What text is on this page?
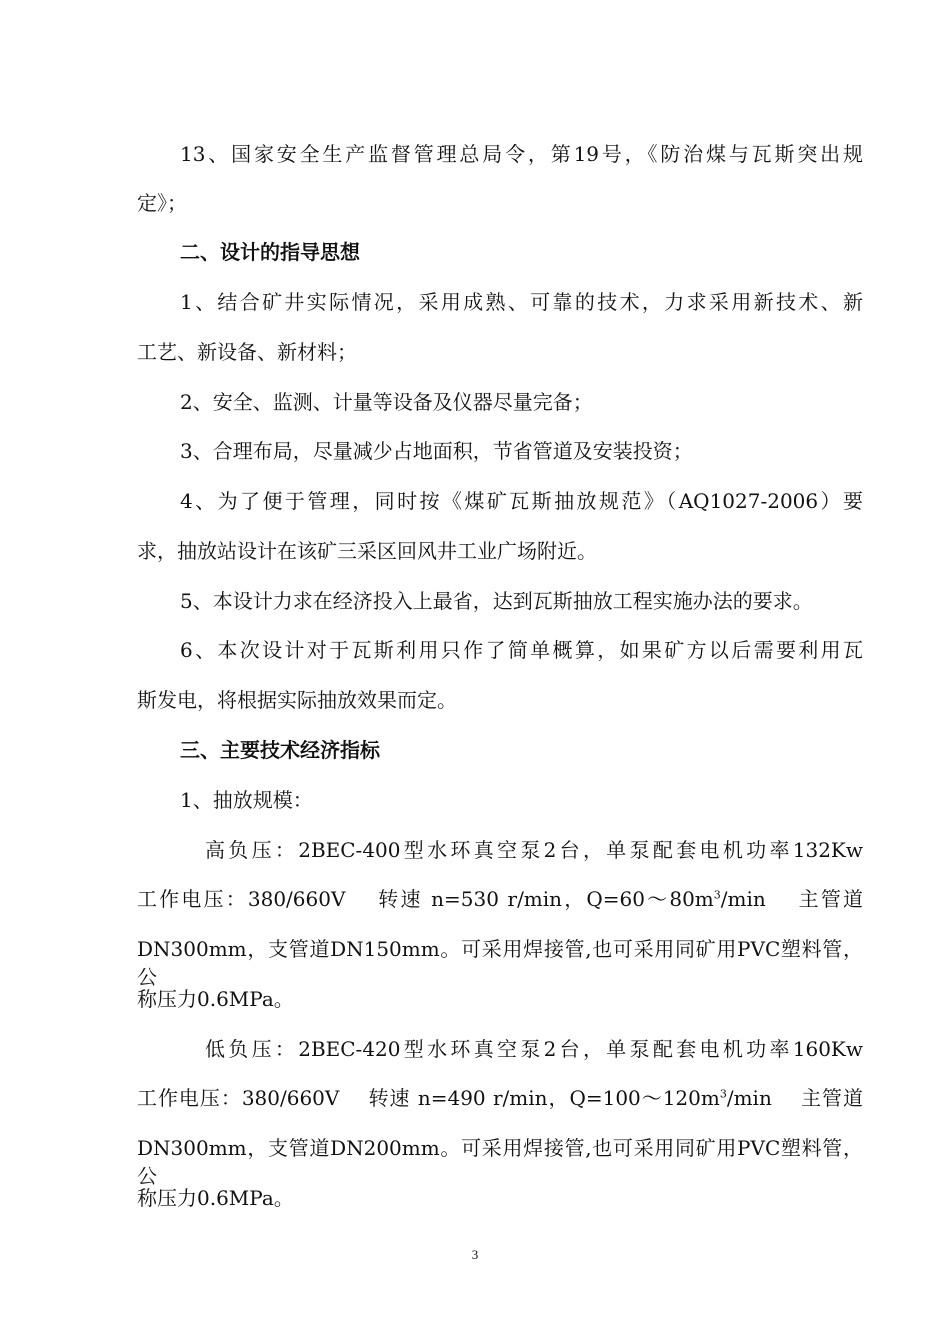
13、国家安全生产监督管理总局令，第19号，《防治煤与瓦斯突出规

定》；

二、设计的指导思想

1、结合矿井实际情况，采用成熟、可靠的技术，力求采用新技术、新

工艺、新设备、新材料；

2、安全、监测、计量等设备及仪器尽量完备；

3、合理布局，尽量减少占地面积，节省管道及安装投资；

4、为了便于管理，同时按《煤矿瓦斯抽放规范》（AQ1027-2006）要

求，抽放站设计在该矿三采区回风井工业广场附近。

5、本设计力求在经济投入上最省，达到瓦斯抽放工程实施办法的要求。

6、本次设计对于瓦斯利用只作了简单概算，如果矿方以后需要利用瓦

斯发电，将根据实际抽放效果而定。

三、主要技术经济指标

1、抽放规模：

高负压：2BEC-400型水环真空泵2台，单泵配套电机功率132Kw

工作电压：380/660V　 转速 n=530 r/min，$Q=60\sim 80m^3/\min$　 主管道

DN300mm，支管道DN150mm。可采用焊接管,也可采用同矿用PVC塑料管，公

称压力0.6MPa。

低负压：2BEC-420型水环真空泵2台，单泵配套电机功率160Kw

工作电压：380/660V　 转速 n=490 r/min，$Q=100\sim 120m^3/\min$　 主管道

DN300mm，支管道DN200mm。可采用焊接管,也可采用同矿用PVC塑料管，公

称压力0.6MPa。

3
